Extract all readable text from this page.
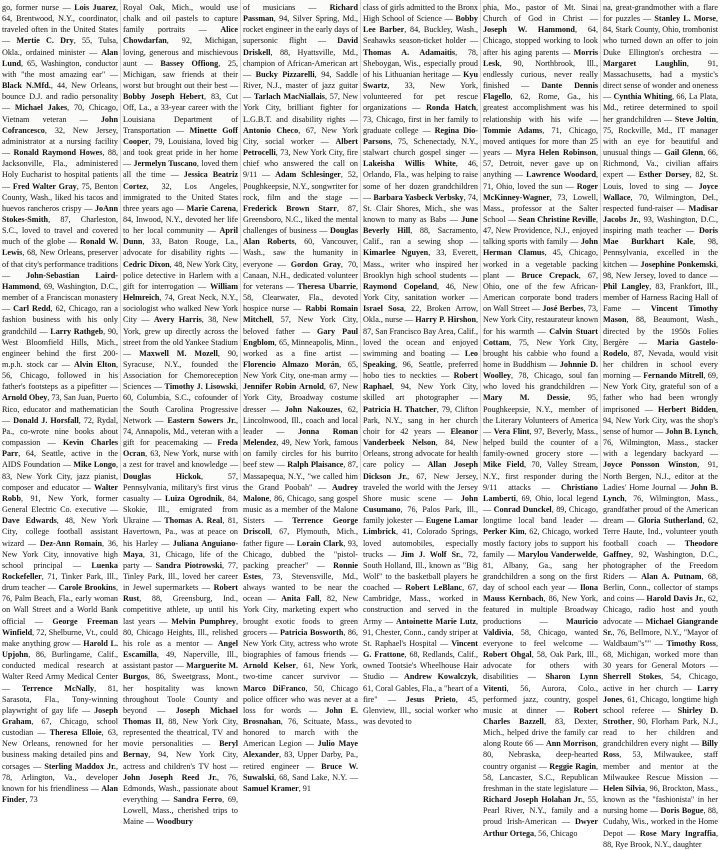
go, former nurse — Lois Juarez, 64, Brentwood, N.Y., coordinator, traveled often in the United States — Mertie C. Dry, 55, Tulsa, Okla., ordained minister — Alan Lund, 65, Washington, conductor with "the most amazing ear" — Black N.Mfd., 44, New Orleans, bounce D.J. and radio personality — Michael Jakes, 70, Chicago, Vietnam veteran — John Cofrancesco, 32, New Jersey, administrator at a nursing facility — Ronald Raymond Howes, 88, Jacksonville, Fla., administered Holy Eucharist to hospital patients — Fred Walter Gray, 75, Benton County, Wash., liked his tacos and huevos rancheros crispy — JoAnn Stokes-Smith, 87, Charleston, S.C., loved to travel and covered much of the globe — Ronald W. Lewis, 68, New Orleans, preserver of that city's performance traditions — John-Sebastian Laird-Hammond, 69, Washington, D.C., member of a Franciscan monastery — Carl Redd, 62, Chicago, ran a fashion business with his only grandchild — Larry Rathgeb, 90, West Bloomfield Hills, Mich., engineer behind the first 200-m.p.h. stock car — Alvin Elton, 56, Chicago, followed in his father's footsteps as a pipefitter — Arnold Obey, 73, San Juan, Puerto Rico, educator and mathematician — Donald J. Horsfall, 72, Rydal, Pa., co-wrote nine books about compassion — Kevin Charles Parr, 64, Seattle, active in the AIDS Foundation — Mike Longo, 83, New York City, jazz pianist, composer and educator — Walter Robb, 91, New York, former General Electric Co. executive — Dave Edwards, 48, New York City, college football assistant wizard — Dez-Ann Romain, 36, New York City, innovative high school principal — Luenka Rockefeller, 71, Tinker Park, Ill., drum teacher — Carole Brookins, 76, Palm Beach, Fla., early woman on Wall Street and a World Bank official — George Freeman Winfield, 72, Shelburne, Vt., could make anything grow — Harold L. Upjohn, 86, Burlingame, Calif., conducted medical research at Walter Reed Army Medical Center — Terrence McNally, 81, Sarasota, Fla., Tony-winning playwright of gay life — Joseph Graham, 67, Chicago, school custodian — Theresa Elloie, 63, New Orleans, renowned for her business making detailed pins and corsages — Sterling Maddox Jr., 78, Arlington, Va., developer known for his friendliness — Alan Finder, 73
Royal Oak, Mich., would use chalk and oil pastels to capture family portraits — Alice Chowdarfan, 92, Michigan, loving, generous and mischievous aunt — Bassey Offiong, 25, Michigan, saw friends at their worst but brought out their best — Bobby Joseph Hebert, 83, Cut Off, La., a 33-year career with the Louisiana Department of Transportation — Minette Goff Cooper, 79, Louisiana, loved big and took great pride in her home — Jermelyn Tuscano, loved them all the time — Jessica Beatriz Cortez, 32, Los Angeles, immigrated to the United States three years ago — Marie Carena, 84, Inwood, N.Y., devoted her life to her local community — April Dunn, 33, Baton Rouge, La., advocate for disability rights — Cedric Dixon, 48, New York City, police detective in Harlem with a gift for interrogation — William Helmreich, 74, Great Neck, N.Y., sociologist who walked New York City — Avery Harris, 38, New York, grew up directly across the street from the old Yankee Stadium — Maxwell M. Mozell, 90, Syracuse, N.Y., founded the Association for Chemoreception Sciences — Timothy J. Lisowski, 60, Columbia, S.C., cofounder of the South Carolina Progressive Network — Eastern Sowers Jr., 74, Annapolis, Md., veteran with a gift for peacemaking — Freda Ocran, 63, New York, nurse with a zest for travel and knowledge — Douglas Hickok, 57, Pennsylvania, military's first virus casualty — Luiza Ogrodnik, 84, Skokie, Ill., emigrated from Ukraine — Thomas A. Real, 81, Havertown, Pa., was at peace on his Harley — Juliana Anguiano-Maya, 31, Chicago, life of the party — Sandra Piotrowski, 77, Tinley Park, Ill., loved her career in Jewel supermarkets — Robert Rust, 88, Greensburg, Ind., competitive athlete, up until his last years — Melvin Pumphrey, 80, Chicago Heights, Ill., relished his role as a mentor — Angel Escamilla, 49, Naperville, Ill., assistant pastor — Marguerite M. Burgos, 86, Sweetgrass, Mont., her hospitality was known throughout Toole County and beyond — Joseph Michael Thomas II, 88, New York City, represented the theatrical, TV and movie personalities — Beryl Bernay, 94, New York City, actress and children's TV host — John Joseph Reed Jr., 76, Edmonds, Wash., passionate about everything — Sandra Ferro, 69, Lowell, Mass., cherished trips to Maine — Woodbury
of musicians — Richard Passman, 94, Silver Spring, Md., rocket engineer in the early days of supersonic flight — David Driskell, 88, Hyattsville, Md., champion of African-American art — Bucky Pizzarelli, 94, Saddle River, N.J., master of jazz guitar — Tarlach MacNiallais, 57, New York City, brilliant fighter for L.G.B.T. and disability rights — Antonio Checo, 67, New York City, social worker — Albert Petrocelli, 73, New York City, fire chief who answered the call on 9/11 — Adam Schlesinger, 52, Poughkeepsie, N.Y., songwriter for rock, film and the stage — Frederick Brown Starr, 87, Greensboro, N.C., liked the mental challenges of business — Douglas Alan Roberts, 60, Vancouver, Wash., saw the humanity in everyone — Gordon Gray, 70, Canaan, N.H., dedicated volunteer for veterans — Theresa Ubarrie, 58, Clearwater, Fla., devoted hospice nurse — Rabbi Romain Mitchell, 57, New York City, beloved father — Gary Paul Engblom, 65, Minneapolis, Minn., worked as a fine artist — Florencio Almazo Morán, 65, New York City, one-man army — Jennifer Robin Arnold, 67, New York City, Broadway costume dresser — John Nakouzes, 62, Lincolnwood, Ill., coach and local leader — Jonna Roman Melendez, 49, New York, famous on family circles for his burrito beef stew — Ralph Plaisance, 87, Massapequa, N.Y., "we called him the Grand Poobah" — Audrey Malone, 86, Chicago, sang gospel music as a member of the Malone Sisters — Terrence George Driscoll, 67, Plymouth, Mich., father figure — Lorain Clark, 93, Chicago, dubbed the "pistol-packing preacher" — Ronnie Estes, 73, Stevensville, Md., always wanted to be near the ocean — Anita Fall, 82, New York City, marketing expert who brought exotic foods to green grocers — Patricia Bosworth, 86, New York City, actress who wrote biographies of famous friends — Arnold Kelser, 61, New York, two-time cancer survivor — Marco DiFranco, 50, Chicago police officer who was never at a loss for words — John E. Brosnahan, 76, Scituate, Mass., honored to march with the American Legion — Julio Maye Alexander, 83, Upper Darby, Pa., retired engineer — Bruce W. Suwalski, 68, Sand Lake, N.Y. — Samuel Kramer, 91
class of girls admitted to the Bronx High School of Science — Bobby Lee Barber, 84, Buckley, Wash., Seahawks season-ticket holder — Thomas A. Adamaitis, 78, Sheboygan, Wis., especially proud of his Lithuanian heritage — Kyu Swartz, 33, New York, volunteered for pet rescue organizations — Ronda Hatch, 73, Chicago, first in her family to graduate college — Regina Dio-Parsons, 75, Schenectady, N.Y., stalwart church gospel singer — Lakeisha Willis White, 46, Orlando, Fla., was helping to raise some of her dozen grandchildren — Barbara Yasbeck Verbsky, 74, St. Clair Shores, Mich., she was known to many as Babs — June Beverly Hill, 88, Sacramento, Calif., ran a sewing shop — Kimarlee Nguyen, 33, Everett, Mass., writer who inspired her Brooklyn high school students — Raymond Copeland, 46, New York City, sanitation worker — Israel Sosa, 22, Broken Arrow, Okla., nurse — Harry P. Hirshon, 87, San Francisco Bay Area, Calif., loved the ocean and enjoyed swimming and boating — Leo Speaking, 96, Seattle, preferred hobo ties to neckties — Robert Raphael, 94, New York City, skilled art photographer — Patricia H. Thatcher, 79, Clifton Park, N.Y., sang in her church choir for 42 years — Eleanor Vanderbeek Nelson, 84, New Orleans, strong advocate for health care policy — Allan Joseph Dickson Jr., 67, New Jersey, traveled the world with the Jersey Shore music scene — John Cusumano, 76, Palos Park, Ill., family jokester — Eugene Lamar Limbrick, 41, Colorado Springs, loved automobiles, especially trucks — Jim J. Wolf Sr., 72, South Holland, Ill., known as "Big Wolf" to the basketball players he coached — Robert LeBlanc, 67, Cambridge, Mass., worked in construction and served in the Army — Antoinette Marie Lutz, 91, Chester, Conn., candy striper at St. Raphael's Hospital — Vincent G. Frattone, 68, Redlands, Calif., owned Tootsie's Wheelhouse Hair Studio — Andrew Kowalczyk, 61, Coral Gables, Fla., a "heart of a fire" — Jesus Prieto, 45, Glenview, Ill., social worker who was devoted to
phia, Mo., pastor of Mt. Sinai Church of God in Christ — Joseph W. Hammond, 64, Chicago, stopped working to look after his aging parents — Morris Lesk, 90, Northbrook, Ill., endlessly curious, never really finished — Dante Dennis Flagello, 62, Rome, Ga., his greatest accomplishment was his relationship with his wife — Tommie Adams, 71, Chicago, moved antiques for more than 25 years — Myra Helen Robinson, 57, Detroit, never gave up on anything — Lawrence Woodard, 71, Ohio, loved the sun — Roger McKinney-Wagner, 73, Lowell, Mass., professor at the Salter School — Sean Christine Reville, 47, New Providence, N.J., enjoyed talking sports with family — John Herman Clamus, 45, Chicago, worked in a vegetable packing plant — Bruce Crepack, 67, Ohio, one of the few African-American corporate bond traders on Wall Street — José Berbes, 73, New York City, restaurateur known for his warmth — Calvin Stuart Cottam, 75, New York City, brought his cabbie who found a home in Buddhism — Johnnie D. Woolley, 78, Chicago, soul fan who loved his grandchildren — Mary M. Dessie, 95, Poughkeepsie, N.Y., member of the Literary Volunteers of America — Vera Flint, 97, Beverly, Mass., helped build the counter of a family-owned grocery store — Mike Field, 70, Valley Stream, N.Y., first responder during the 9/11 attacks — Christiano Lamberti, 69, Ohio, local legend — Conrad Dunckel, 89, Chicago, longtime local band leader — Perker Kim, 62, Chicago, worked mostly factory jobs to support his family — Marylou Vanderwelde, 81, Albany, Ga., sang her grandchildren a song on the first day of school each year — Ilona Mauss Kernbach, 86, New York, featured in multiple Broadway productions — Mauricio Valdivia, 58, Chicago, wanted everyone to feel welcome — Robert Ohgal, 58, Oak Park, Ill., advocate for others with disabilities — Sharon Lynn Vitenti, 56, Aurora, Colo., performed jazz, country, gospel music at dinner — Robert Charles Bazzell, 83, Dexter, Mich., helped drive the family car along Route 66 — Ann Morrison, 80, Nebraska, deep-hearted country organist — Reggie Ragin, 58, Lancaster, S.C., Republican freshman in the state legislature — Richard Joseph Holahan Jr., 55, Pearl River, N.Y., family and a proud Irish-American — Dwyer Arthur Ortega, 56, Chicago
na, great-grandmother with a flare for puzzles — Stanley L. Morse, 84, Stark County, Ohio, trombonist who turned down an offer to join Duke Ellington's orchestra — Margaret Laughlin, 91, Massachusetts, had a mystic's direct sense of wonder and oneness — Cynthia Whiting, 66, La Plata, Md., retiree determined to spoil her grandchildren — Steve Joltin, 75, Rockville, Md., IT manager with an eye for beautiful and unusual things — Gail Glenn, 66, Richmond, Va., civilian affairs expert — Esther Dorsey, 82, St. Louis, loved to sing — Joyce Wallace, 70, Wilmington, Del., respected fund-raiser — Madisar Jacobs Jr., 93, Washington, D.C., inspiring math teacher — Doris Mae Burkhart Kale, 98, Pennsylvania, excelled in the kitchen — Josephine Ponkemski, 98, New Jersey, loved to dance — Phil Langley, 83, Frankfort, Ill., member of Harness Racing Hall of Fame — Vincent Timothy Mason, 88, Beaumont, Wash., directed by the 1950s Folies Bergère — Maria Gastelo-Rodelo, 87, Nevada, would visit her children in school every morning — Fernando Mitrell, 69, New York City, grateful son of a father who had been wrongly imprisoned — Herbert Bidden, 94, New York City, was the shop's sense of humor — John B. Lynch, 76, Wilmington, Mass., stacker with a legendary backyard — Joyce Ponsson Winston, 91, North Bergen, N.J., editor at the Ladies' Home Journal — John B. Lynch, 76, Wilmington, Mass., grandfather proud of the American dream — Gloria Sutherland, 62, Terre Haute, Ind., volunteer youth football coach — Theodore Gaffney, 92, Washington, D.C., photographer of the Freedom Riders — Alan A. Putnam, 68, Berlin, Conn., collector of stamps and coins — Harold Davis Jr., 62, Chicago, radio host and youth advocate — Michael Giangrande Sr., 76, Bellmore, N.Y., "Mayor of Waldbaum"s"" — Timothy Ross, 68, Michigan, worked more than 30 years for General Motors — Sherrell Stokes, 54, Chicago, active in her church — Larry Jones, 61, Chicago, longtime high school referee — Shirley D. Strother, 90, Florham Park, N.J., read to her children and grandchildren every night — Billy Ross, 53, Milwaukee, staff member and mentor at the Milwaukee Rescue Mission — Helen Silvia, 96, Brockton, Mass., known as the "fashionista" in her nursing home — Doris Bogue, 88, Cudahy, Wis., worked in the Home Depot — Rose Mary Ingraffia, 88, Rye Brook, N.Y., daughter
